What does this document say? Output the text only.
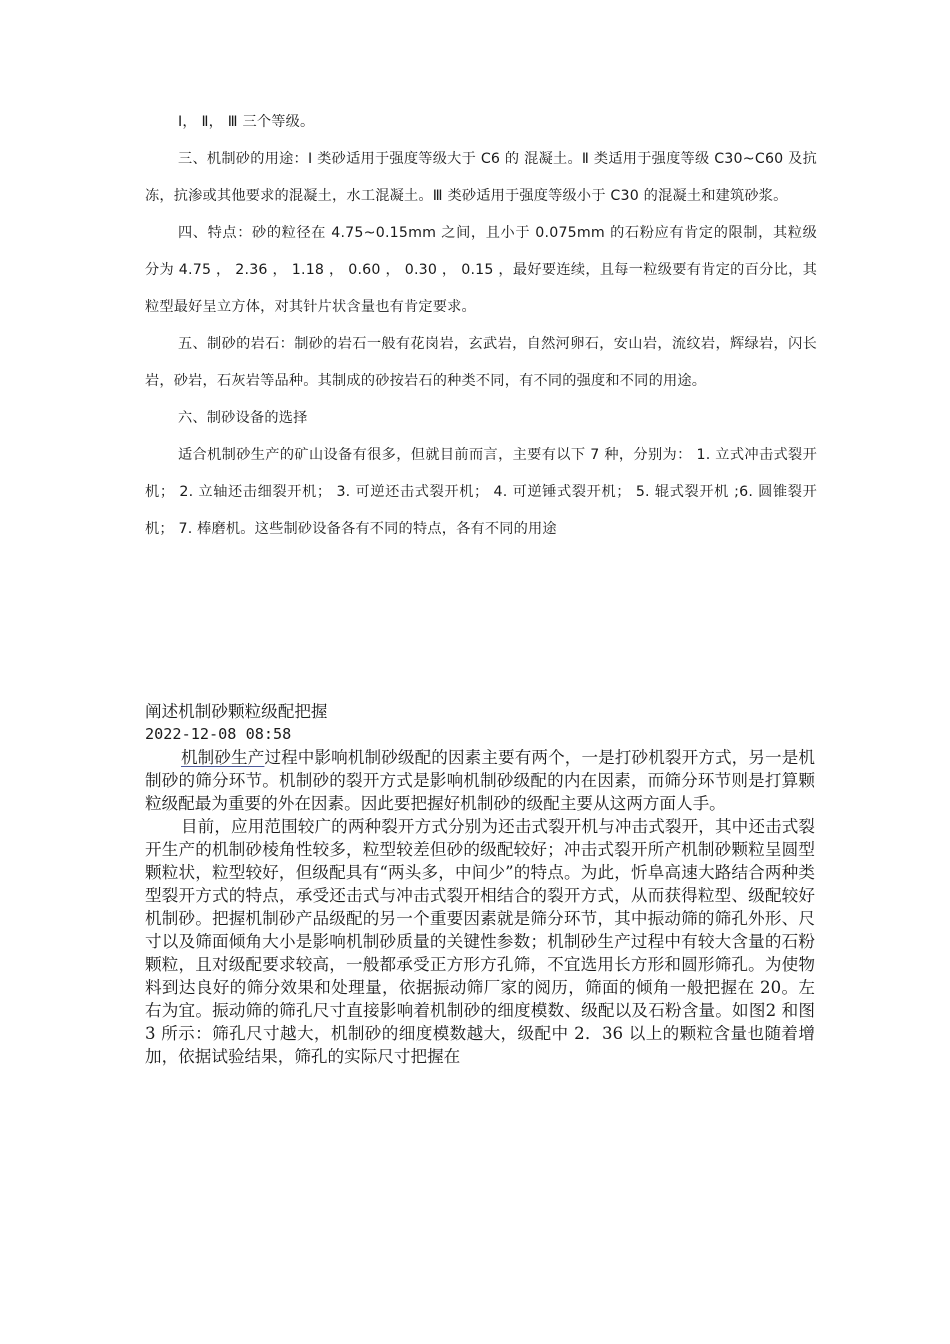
Ⅰ， Ⅱ， Ⅲ 三个等级。

三、机制砂的用途：Ⅰ 类砂适用于强度等级大于 C6 的 混凝土。Ⅱ 类适用于强度等级 C30~C60 及抗冻，抗渗或其他要求的混凝土，水工混凝土。Ⅲ 类砂适用于强度等级小于 C30 的混凝土和建筑砂浆。

四、特点：砂的粒径在 4.75~0.15mm 之间，且小于 0.075mm 的石粉应有肯定的限制，其粒级分为 4.75 ， 2.36 ， 1.18 ， 0.60 ， 0.30 ， 0.15 ，最好要连续，且每一粒级要有肯定的百分比，其粒型最好呈立方体，对其针片状含量也有肯定要求。

五、制砂的岩石：制砂的岩石一般有花岗岩，玄武岩，自然河卵石，安山岩，流纹岩，辉绿岩，闪长岩，砂岩，石灰岩等品种。其制成的砂按岩石的种类不同，有不同的强度和不同的用途。

六、制砂设备的选择

适合机制砂生产的矿山设备有很多，但就目前而言，主要有以下 7 种，分别为： 1. 立式冲击式裂开机； 2. 立轴还击细裂开机； 3. 可逆还击式裂开机； 4. 可逆锤式裂开机； 5. 辊式裂开机 ;6. 圆锥裂开机； 7. 棒磨机。这些制砂设备各有不同的特点，各有不同的用途

阐述机制砂颗粒级配把握
2022-12-08 08:58

机制砂生产过程中影响机制砂级配的因素主要有两个，一是打砂机裂开方式，另一是机制砂的筛分环节。机制砂的裂开方式是影响机制砂级配的内在因素，而筛分环节则是打算颗粒级配最为重要的外在因素。因此要把握好机制砂的级配主要从这两方面人手。

目前，应用范围较广的两种裂开方式分别为还击式裂开机与冲击式裂开，其中还击式裂开生产的机制砂棱角性较多，粒型较差但砂的级配较好；冲击式裂开所产机制砂颗粒呈圆型颗粒状，粒型较好，但级配具有“两头多，中间少”的特点。为此，忻阜高速大路结合两种类型裂开方式的特点，承受还击式与冲击式裂开相结合的裂开方式，从而获得粒型、级配较好机制砂。把握机制砂产品级配的另一个重要因素就是筛分环节，其中振动筛的筛孔外形、尺寸以及筛面倾角大小是影响机制砂质量的关键性参数；机制砂生产过程中有较大含量的石粉颗粒，且对级配要求较高，一般都承受正方形方孔筛，不宜选用长方形和圆形筛孔。为使物料到达良好的筛分效果和处理量，依据振动筛厂家的阅历，筛面的倾角一般把握在 20。左右为宜。振动筛的筛孔尺寸直接影响着机制砂的细度模数、级配以及石粉含量。如图2 和图 3 所示：筛孔尺寸越大，机制砂的细度模数越大，级配中 2．36 以上的颗粒含量也随着增加，依据试验结果，筛孔的实际尺寸把握在
